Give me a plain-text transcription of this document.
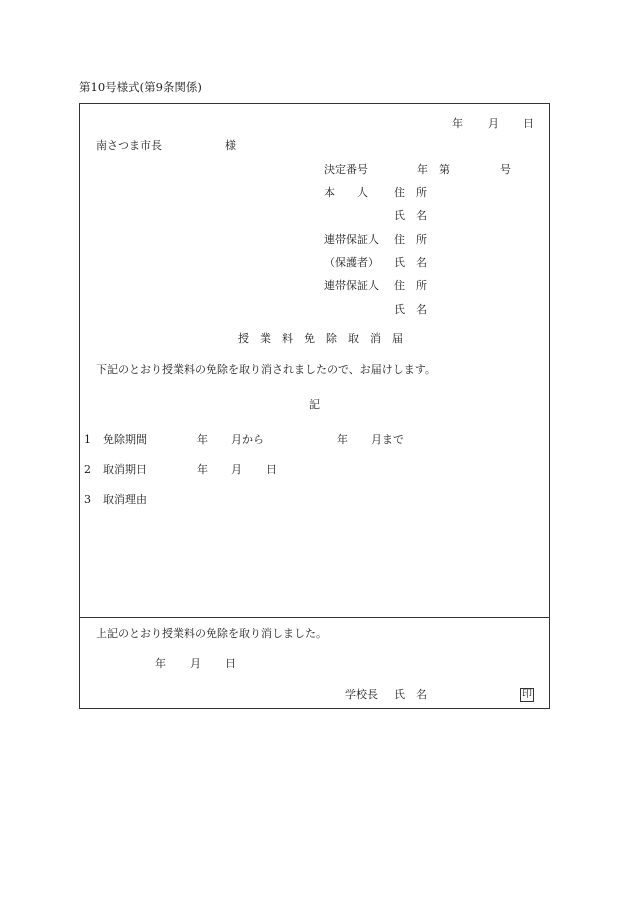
第10号様式(第9条関係)
年 月 日
南さつま市長	様
決定番号	年 第	号
本　　人 住　所
氏　名
連帯保証人 住　所
（保護者） 氏　名
連帯保証人 住　所
氏　名
授　業　料　免　除　取　消　届
下記のとおり授業料の免除を取り消されましたので、お届けします。
記
1 免除期間	年 月から	年 月まで
2 取消期日	年 月 日
3 取消理由
上記のとおり授業料の免除を取り消しました。
年 月 日
学校長 氏　名	印
